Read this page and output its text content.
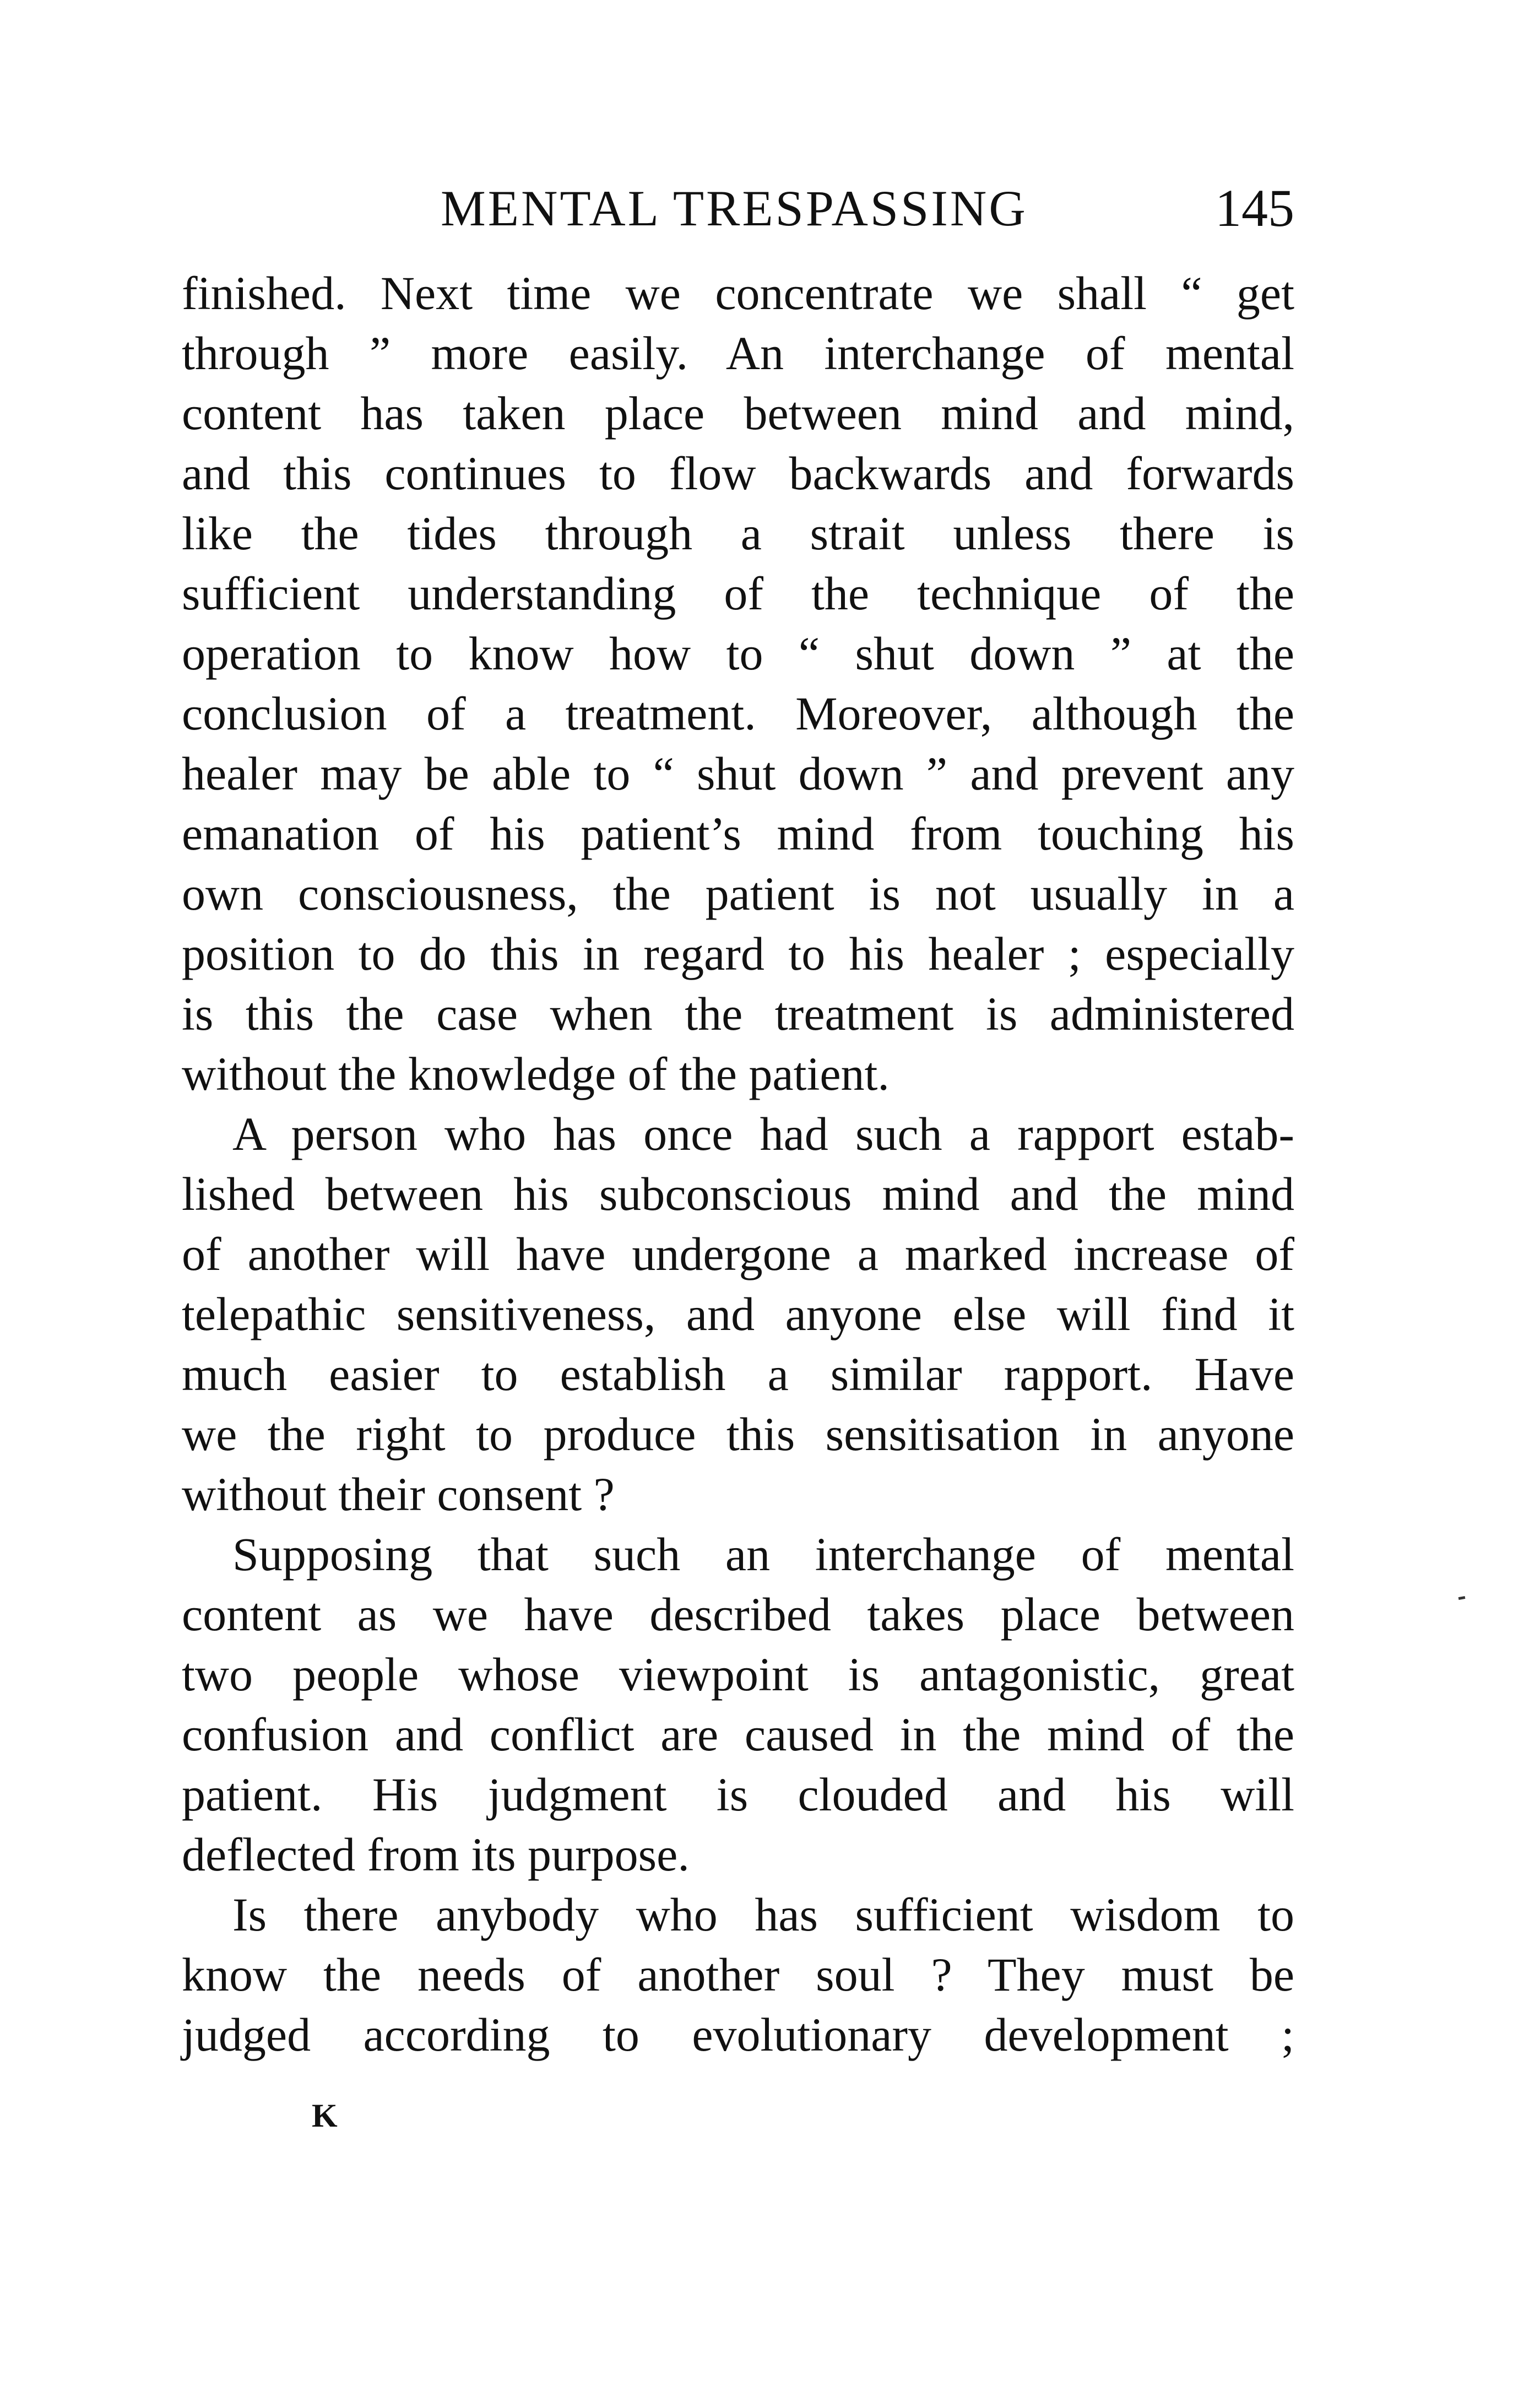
MENTAL TRESPASSING	145
finished. Next time we concentrate we shall “ get
through ” more easily. An interchange of mental
content has taken place between mind and mind,
and this continues to flow backwards and forwards
like the tides through a strait unless there is
sufficient understanding of the technique of the
operation to know how to “ shut down ” at the
conclusion of a treatment. Moreover, although the
healer may be able to “ shut down ” and prevent any
emanation of his patient’s mind from touching his
own consciousness, the patient is not usually in a
position to do this in regard to his healer ; especially
is this the case when the treatment is administered
without the knowledge of the patient.
A person who has once had such a rapport estab-
lished between his subconscious mind and the mind
of another will have undergone a marked increase of
telepathic sensitiveness, and anyone else will find it
much easier to establish a similar rapport. Have
we the right to produce this sensitisation in anyone
without their consent ?
Supposing that such an interchange of mental
content as we have described takes place between
two people whose viewpoint is antagonistic, great
confusion and conflict are caused in the mind of the
patient. His judgment is clouded and his will
deflected from its purpose.
Is there anybody who has sufficient wisdom to
know the needs of another soul ? They must be
judged according to evolutionary development ;
K
